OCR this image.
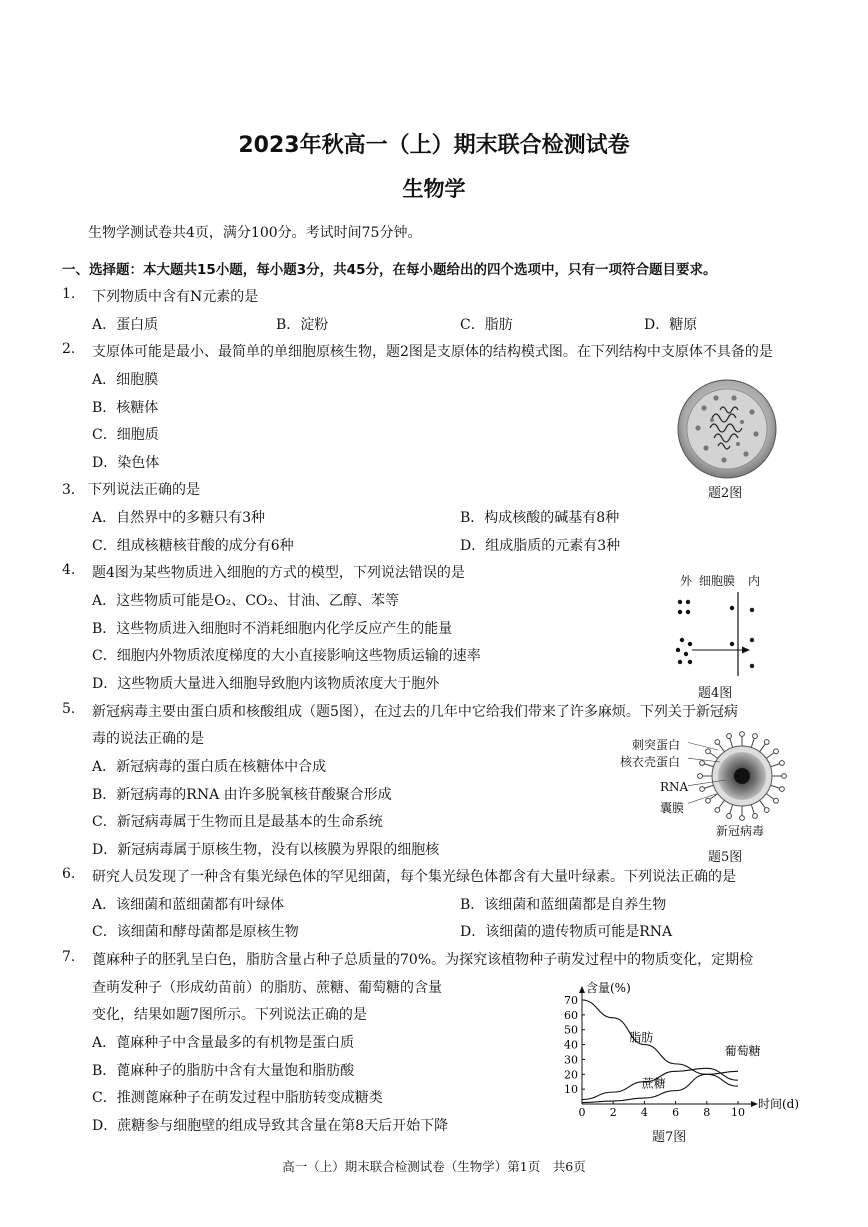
2023年秋高一（上）期末联合检测试卷
生物学
生物学测试卷共4页，满分100分。考试时间75分钟。
一、选择题：本大题共15小题，每小题3分，共45分，在每小题给出的四个选项中，只有一项符合题目要求。
1. 下列物质中含有N元素的是
A．蛋白质	B．淀粉	C．脂肪	D．糖原
2. 支原体可能是最小、最简单的单细胞原核生物，题2图是支原体的结构模式图。在下列结构中支原体不具备的是
A．细胞膜
B．核糖体
C．细胞质
D．染色体
题2图
3． 下列说法正确的是
A．自然界中的多糖只有3种	B．构成核酸的碱基有8种
C．组成核糖核苷酸的成分有6种	D．组成脂质的元素有3种
4. 题4图为某些物质进入细胞的方式的模型，下列说法错误的是
A．这些物质可能是O₂、CO₂、甘油、乙醇、苯等
B．这些物质进入细胞时不消耗细胞内化学反应产生的能量
C．细胞内外物质浓度梯度的大小直接影响这些物质运输的速率
D．这些物质大量进入细胞导致胞内该物质浓度大于胞外
外 细胞膜 内
题4图
5. 新冠病毒主要由蛋白质和核酸组成（题5图），在过去的几年中它给我们带来了许多麻烦。下列关于新冠病
毒的说法正确的是
A．新冠病毒的蛋白质在核糖体中合成
B．新冠病毒的RNA 由许多脱氧核苷酸聚合形成
C．新冠病毒属于生物而且是最基本的生命系统
D．新冠病毒属于原核生物，没有以核膜为界限的细胞核
刺突蛋白
核衣壳蛋白
RNA
囊膜
新冠病毒
题5图
6. 研究人员发现了一种含有集光绿色体的罕见细菌，每个集光绿色体都含有大量叶绿素。下列说法正确的是
A．该细菌和蓝细菌都有叶绿体	B．该细菌和蓝细菌都是自养生物
C．该细菌和酵母菌都是原核生物	D．该细菌的遗传物质可能是RNA
7. 蓖麻种子的胚乳呈白色，脂肪含量占种子总质量的70%。为探究该植物种子萌发过程中的物质变化，定期检
查萌发种子（形成幼苗前）的脂肪、蔗糖、葡萄糖的含量
变化，结果如题7图所示。下列说法正确的是
A．蓖麻种子中含量最多的有机物是蛋白质
B．蓖麻种子的脂肪中含有大量饱和脂肪酸
C．推测蓖麻种子在萌发过程中脂肪转变成糖类
D．蔗糖参与细胞壁的组成导致其含量在第8天后开始下降
0 2 4 6 8 10
10
20
30
40
50
60
70
含量(%)
时间(d)
脂肪
蔗糖
葡萄糖
题7图
高一（上）期末联合检测试卷（生物学）第1页　共6页
